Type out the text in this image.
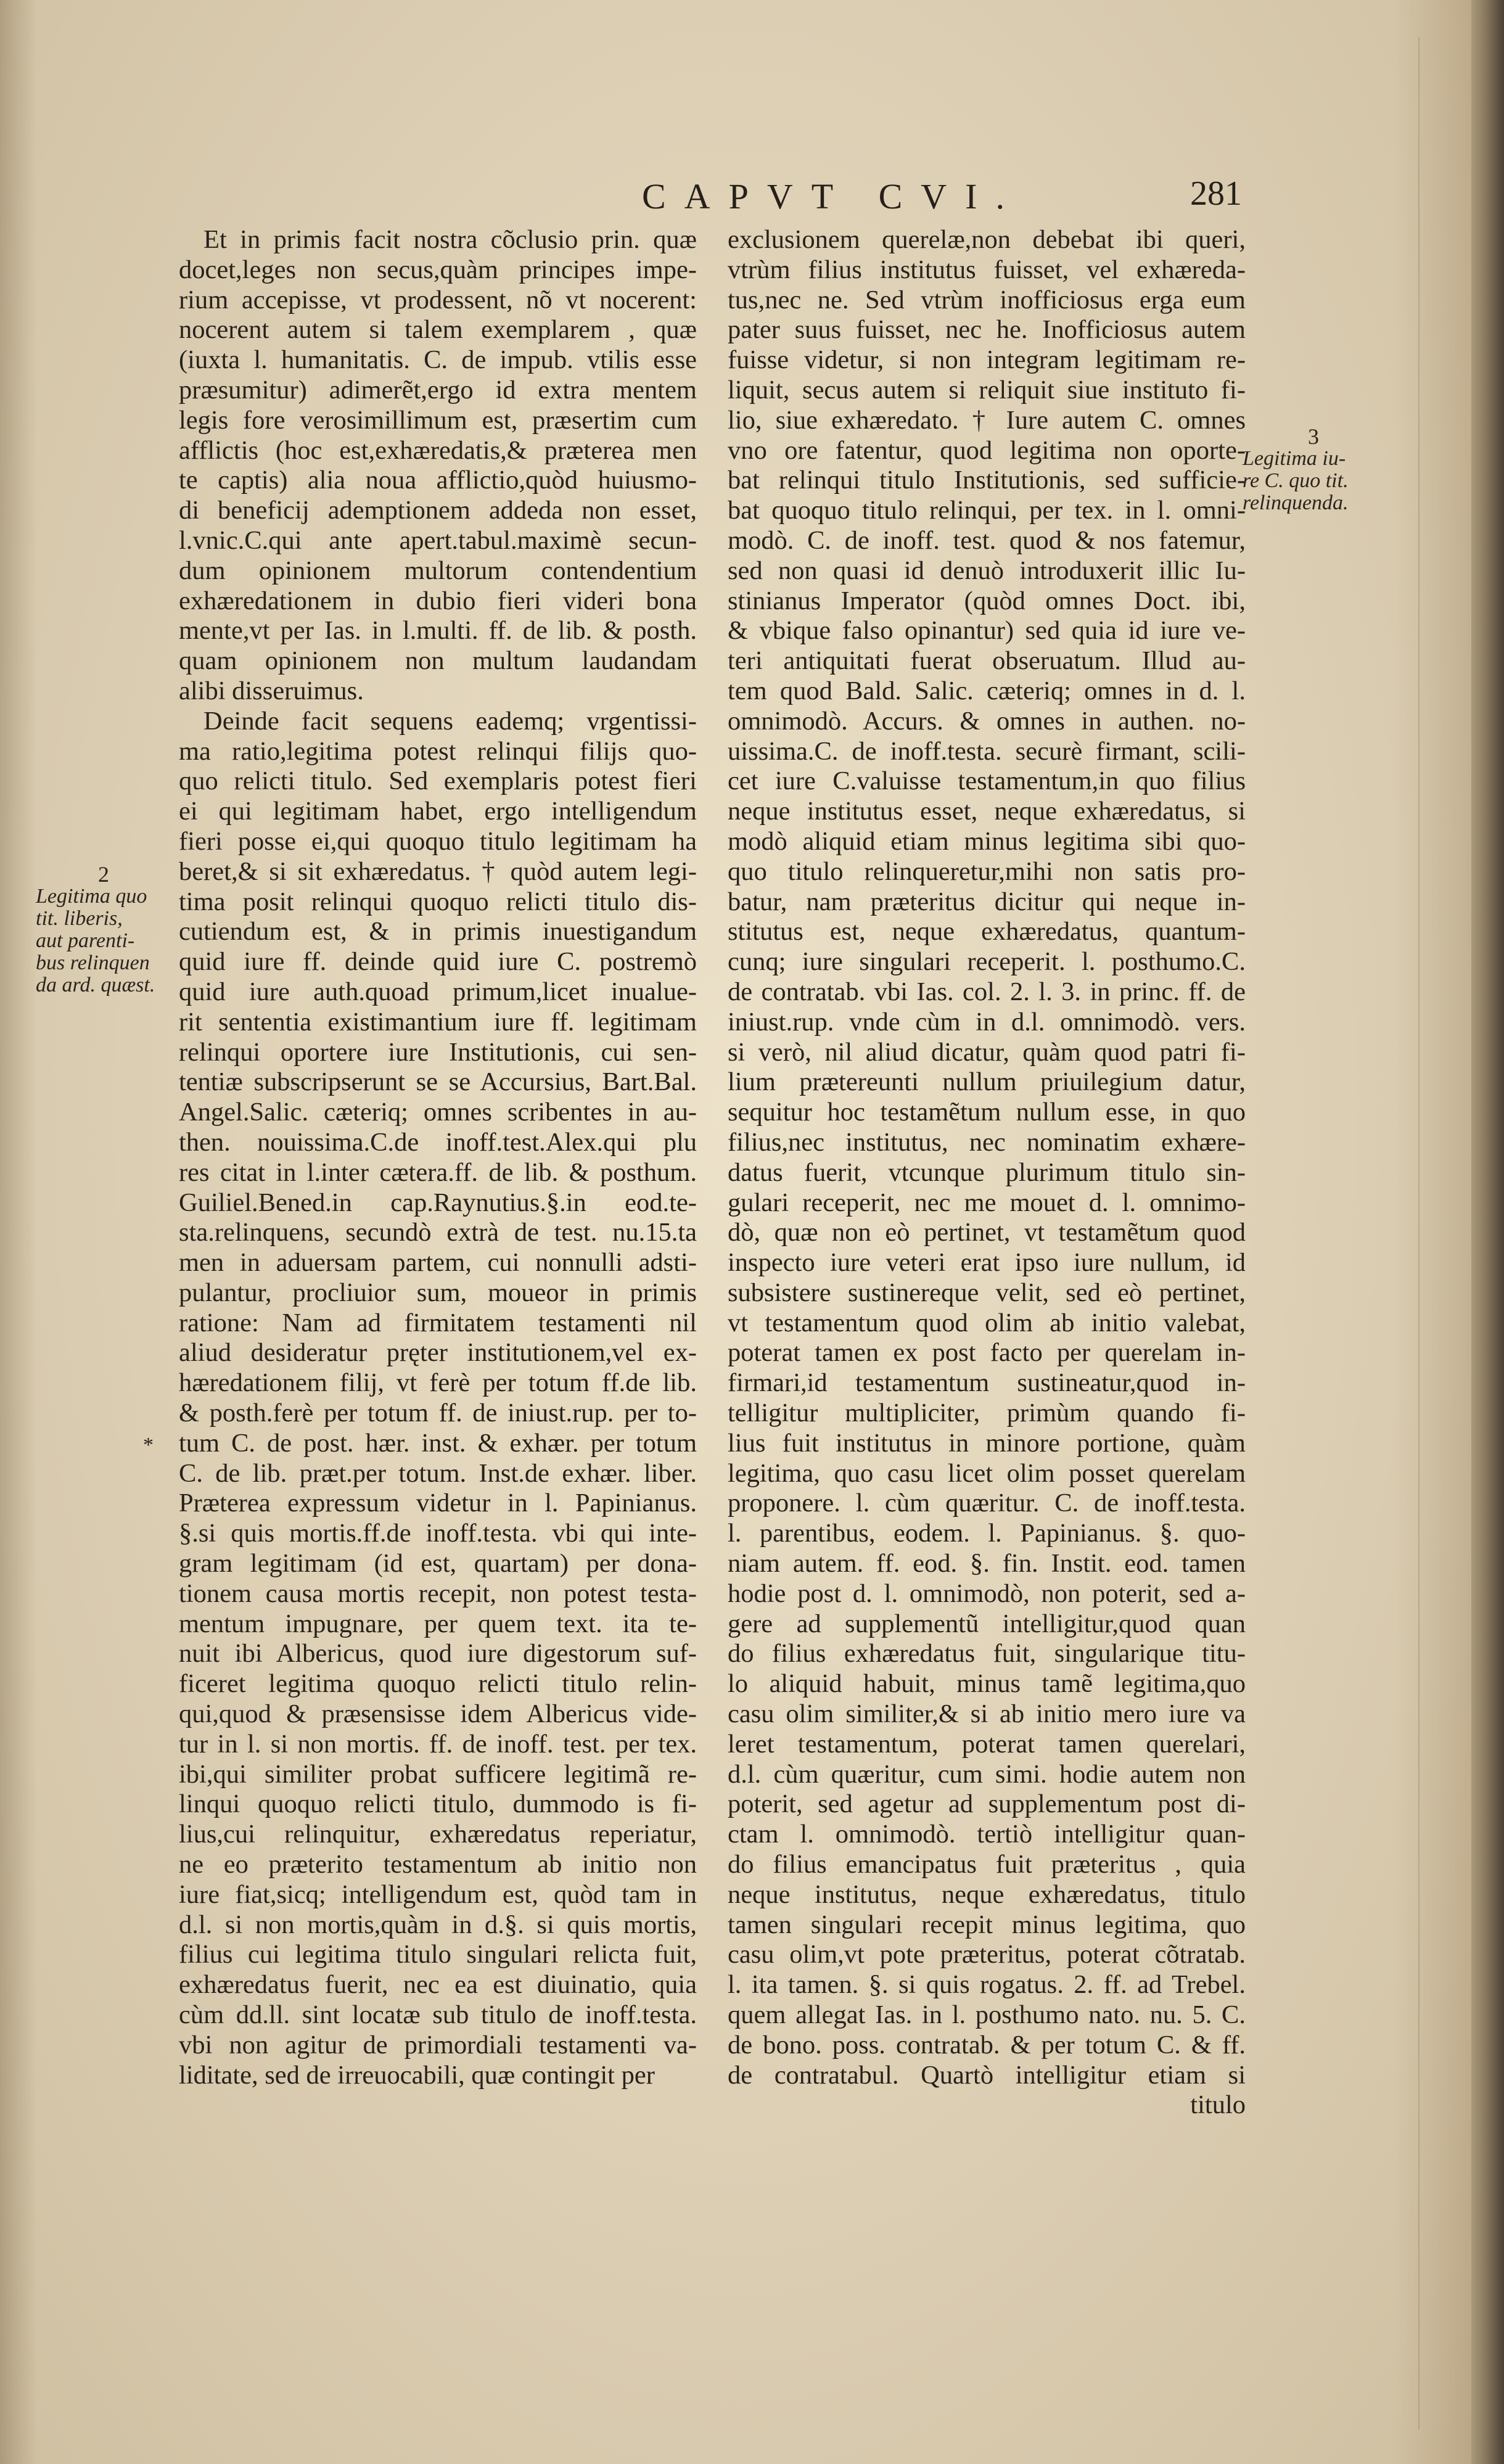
CAPVT CVI.	281
Et in primis facit nostra cõclusio prin. quæ
docet,leges non secus,quàm principes impe-
rium accepisse, vt prodessent, nõ vt nocerent:
nocerent autem si talem exemplarem , quæ
(iuxta l. humanitatis. C. de impub. vtilis esse
præsumitur) adimerẽt,ergo id extra mentem
legis fore verosimillimum est, præsertim cum
afflictis (hoc est,exhæredatis,& præterea men
te captis) alia noua afflictio,quòd huiusmo-
di beneficij ademptionem addeda non esset,
l.vnic.C.qui ante apert.tabul.maximè secun-
dum opinionem multorum contendentium
exhæredationem in dubio fieri videri bona
mente,vt per Ias. in l.multi. ff. de lib. & posth.
quam opinionem non multum laudandam
alibi disseruimus.
Deinde facit sequens eademq; vrgentissi-
ma ratio,legitima potest relinqui filijs quo-
quo relicti titulo. Sed exemplaris potest fieri
ei qui legitimam habet, ergo intelligendum
fieri posse ei,qui quoquo titulo legitimam ha
beret,& si sit exhæredatus. † quòd autem legi-
tima posit relinqui quoquo relicti titulo dis-
cutiendum est, & in primis inuestigandum
quid iure ff. deinde quid iure C. postremò
quid iure auth.quoad primum,licet inualue-
rit sententia existimantium iure ff. legitimam
relinqui oportere iure Institutionis, cui sen-
tentiæ subscripserunt se se Accursius, Bart.Bal.
Angel.Salic. cæteriq; omnes scribentes in au-
then. nouissima.C.de inoff.test.Alex.qui plu
res citat in l.inter cætera.ff. de lib. & posthum.
Guiliel.Bened.in cap.Raynutius.§.in eod.te-
sta.relinquens, secundò extrà de test. nu.15.ta
men in aduersam partem, cui nonnulli adsti-
pulantur, procliuior sum, moueor in primis
ratione: Nam ad firmitatem testamenti nil
aliud desideratur pręter institutionem,vel ex-
hæredationem filij, vt ferè per totum ff.de lib.
& posth.ferè per totum ff. de iniust.rup. per to-
tum C. de post. hær. inst. & exhær. per totum
C. de lib. præt.per totum. Inst.de exhær. liber.
Præterea expressum videtur in l. Papinianus.
§.si quis mortis.ff.de inoff.testa. vbi qui inte-
gram legitimam (id est, quartam) per dona-
tionem causa mortis recepit, non potest testa-
mentum impugnare, per quem text. ita te-
nuit ibi Albericus, quod iure digestorum suf-
ficeret legitima quoquo relicti titulo relin-
qui,quod & præsensisse idem Albericus vide-
tur in l. si non mortis. ff. de inoff. test. per tex.
ibi,qui similiter probat sufficere legitimã re-
linqui quoquo relicti titulo, dummodo is fi-
lius,cui relinquitur, exhæredatus reperiatur,
ne eo præterito testamentum ab initio non
iure fiat,sicq; intelligendum est, quòd tam in
d.l. si non mortis,quàm in d.§. si quis mortis,
filius cui legitima titulo singulari relicta fuit,
exhæredatus fuerit, nec ea est diuinatio, quia
cùm dd.ll. sint locatæ sub titulo de inoff.testa.
vbi non agitur de primordiali testamenti va-
liditate, sed de irreuocabili, quæ contingit per
exclusionem querelæ,non debebat ibi queri,
vtrùm filius institutus fuisset, vel exhæreda-
tus,nec ne. Sed vtrùm inofficiosus erga eum
pater suus fuisset, nec he. Inofficiosus autem
fuisse videtur, si non integram legitimam re-
liquit, secus autem si reliquit siue instituto fi-
lio, siue exhæredato. † Iure autem C. omnes
vno ore fatentur, quod legitima non oporte-
bat relinqui titulo Institutionis, sed sufficie-
bat quoquo titulo relinqui, per tex. in l. omni-
modò. C. de inoff. test. quod & nos fatemur,
sed non quasi id denuò introduxerit illic Iu-
stinianus Imperator (quòd omnes Doct. ibi,
& vbique falso opinantur) sed quia id iure ve-
teri antiquitati fuerat obseruatum. Illud au-
tem quod Bald. Salic. cæteriq; omnes in d. l.
omnimodò. Accurs. & omnes in authen. no-
uissima.C. de inoff.testa. securè firmant, scili-
cet iure C.valuisse testamentum,in quo filius
neque institutus esset, neque exhæredatus, si
modò aliquid etiam minus legitima sibi quo-
quo titulo relinqueretur,mihi non satis pro-
batur, nam præteritus dicitur qui neque in-
stitutus est, neque exhæredatus, quantum-
cunq; iure singulari receperit. l. posthumo.C.
de contratab. vbi Ias. col. 2. l. 3. in princ. ff. de
iniust.rup. vnde cùm in d.l. omnimodò. vers.
si verò, nil aliud dicatur, quàm quod patri fi-
lium prætereunti nullum priuilegium datur,
sequitur hoc testamẽtum nullum esse, in quo
filius,nec institutus, nec nominatim exhære-
datus fuerit, vtcunque plurimum titulo sin-
gulari receperit, nec me mouet d. l. omnimo-
dò, quæ non eò pertinet, vt testamẽtum quod
inspecto iure veteri erat ipso iure nullum, id
subsistere sustinereque velit, sed eò pertinet,
vt testamentum quod olim ab initio valebat,
poterat tamen ex post facto per querelam in-
firmari,id testamentum sustineatur,quod in-
telligitur multipliciter, primùm quando fi-
lius fuit institutus in minore portione, quàm
legitima, quo casu licet olim posset querelam
proponere. l. cùm quæritur. C. de inoff.testa.
l. parentibus, eodem. l. Papinianus. §. quo-
niam autem. ff. eod. §. fin. Instit. eod. tamen
hodie post d. l. omnimodò, non poterit, sed a-
gere ad supplementũ intelligitur,quod quan
do filius exhæredatus fuit, singularique titu-
lo aliquid habuit, minus tamẽ legitima,quo
casu olim similiter,& si ab initio mero iure va
leret testamentum, poterat tamen querelari,
d.l. cùm quæritur, cum simi. hodie autem non
poterit, sed agetur ad supplementum post di-
ctam l. omnimodò. tertiò intelligitur quan-
do filius emancipatus fuit præteritus , quia
neque institutus, neque exhæredatus, titulo
tamen singulari recepit minus legitima, quo
casu olim,vt pote præteritus, poterat cõtratab.
l. ita tamen. §. si quis rogatus. 2. ff. ad Trebel.
quem allegat Ias. in l. posthumo nato. nu. 5. C.
de bono. poss. contratab. & per totum C. & ff.
de contratabul. Quartò intelligitur etiam si
titulo
2
Legitima quo
tit. liberis,
aut parenti-
bus relinquen
da ard. quæst.
3
Legitima iu-
re C. quo tit.
relinquenda.
*
